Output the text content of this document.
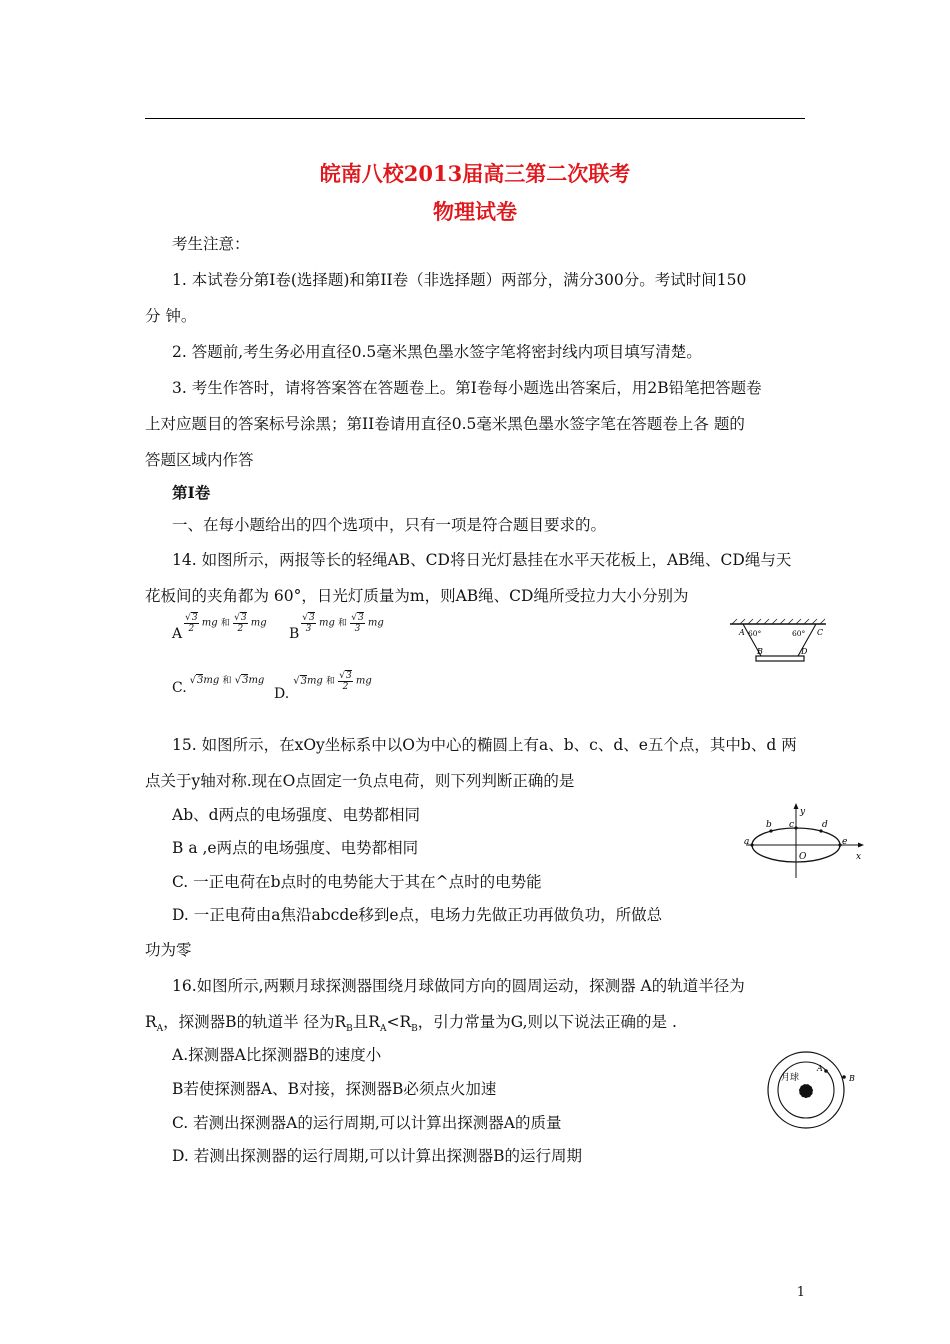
皖南八校2013届高三第二次联考
物理试卷
考生注意：
1. 本试卷分第Ⅰ卷(选择题)和第II卷（非选择题）两部分，满分300分。考试时间150
分 钟。
2. 答题前,考生务必用直径0.5毫米黑色墨水签字笔将密封线内项目填写清楚。
3. 考生作答时，请将答案答在答题卷上。第Ⅰ卷每小题选出答案后，用2B铅笔把答题卷
上对应题目的答案标号涂黑；第II卷请用直径0.5毫米黑色墨水签字笔在答题卷上各 题的
答题区域内作答
第Ⅰ卷
一、在每小题给出的四个选项中，只有一项是符合题目要求的。
14. 如图所示，两报等长的轻绳AB、CD将日光灯悬挂在水平天花板上，AB绳、CD绳与天
花板间的夹角都为 60°，日光灯质量为m，则AB绳、CD绳所受拉力大小分别为
A $\frac{√3}{2}$ mg 和 $\frac{√3}{2}$ mg
B $\frac{√3}{3}$ mg 和 $\frac{√3}{3}$ mg
C. √3mg 和 √3mg
D.
√3mg 和 $\frac{√3}{2}$ mg
A 60°	60° C
B	D
15. 如图所示，在xOy坐标系中以O为中心的椭圆上有a、b、c、d、e五个点，其中b、d 两
点关于y轴对称.现在O点固定一负点电荷，则下列判断正确的是
Ab、d两点的电场强度、电势都相同
B a ,e两点的电场强度、电势都相同
C. 一正电荷在b点时的电势能大于其在^点时的电势能
D. 一正电荷由a焦沿abcde移到e点，电场力先做正功再做负功，所做总
功为零
y
x
O
a
b c	d
e
16.如图所示,两颗月球探测器围绕月球做同方向的圆周运动，探测器 A的轨道半径为
$R_A$，探测器B的轨道半 径为$R_B$且$R_A<R_B$，引力常量为G,则以下说法正确的是 .
A.探测器A比探测器B的速度小
B若使探测器A、B对接，探测器B必须点火加速
C. 若测出探测器A的运行周期,可以计算出探测器A的质量
D. 若测出探测器的运行周期,可以计算出探测器B的运行周期
月球
A
B
1
